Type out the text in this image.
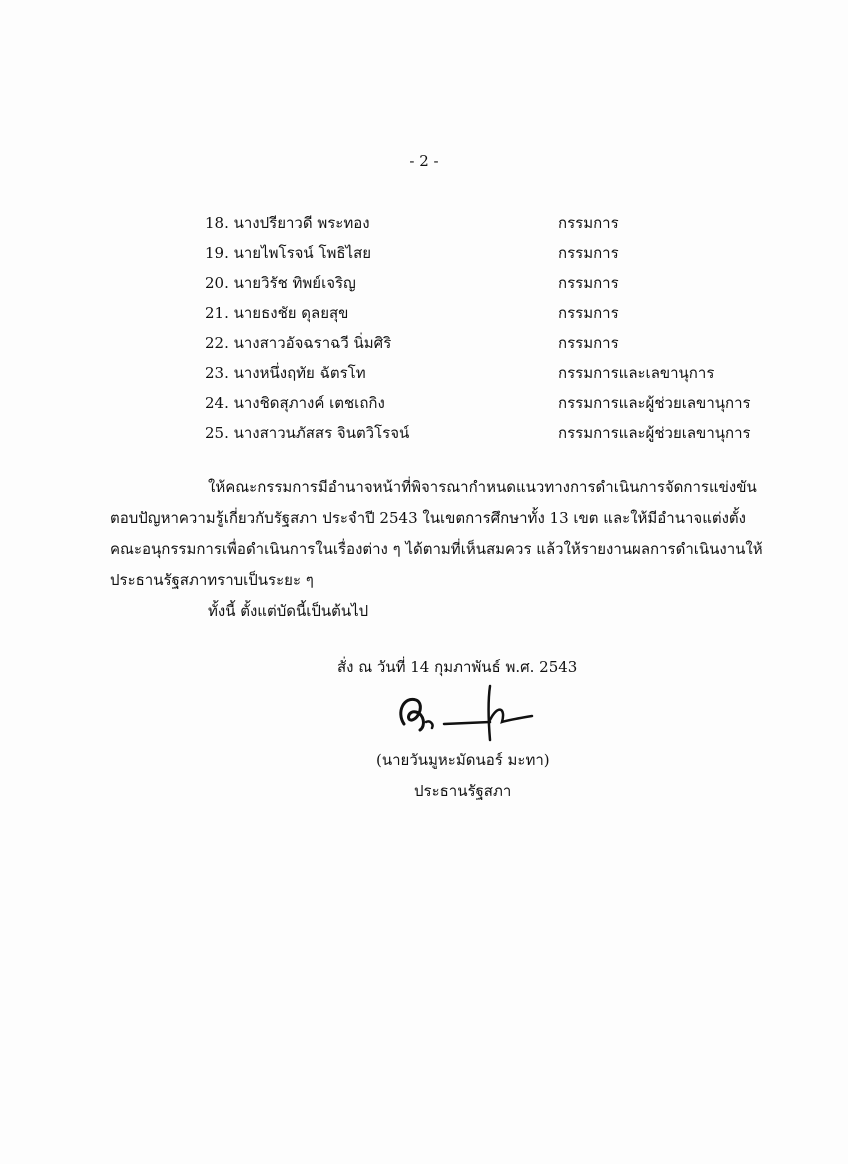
- 2 -
18. นางปรียาวดี พระทอง	กรรมการ
19. นายไพโรจน์ โพธิไสย	กรรมการ
20. นายวิรัช ทิพย์เจริญ	กรรมการ
21. นายธงชัย ดุลยสุข	กรรมการ
22. นางสาวอัจฉราฉวี นิ่มศิริ	กรรมการ
23. นางหนึ่งฤทัย ฉัตรโท	กรรมการและเลขานุการ
24. นางชิดสุภางค์ เตชเถกิง	กรรมการและผู้ช่วยเลขานุการ
25. นางสาวนภัสสร จินตวิโรจน์	กรรมการและผู้ช่วยเลขานุการ
ให้คณะกรรมการมีอำนาจหน้าที่พิจารณากำหนดแนวทางการดำเนินการจัดการแข่งขัน
ตอบปัญหาความรู้เกี่ยวกับรัฐสภา ประจำปี 2543 ในเขตการศึกษาทั้ง 13 เขต และให้มีอำนาจแต่งตั้ง
คณะอนุกรรมการเพื่อดำเนินการในเรื่องต่าง ๆ ได้ตามที่เห็นสมควร แล้วให้รายงานผลการดำเนินงานให้
ประธานรัฐสภาทราบเป็นระยะ ๆ
ทั้งนี้ ตั้งแต่บัดนี้เป็นต้นไป
สั่ง ณ วันที่ 14 กุมภาพันธ์ พ.ศ. 2543
(นายวันมูหะมัดนอร์ มะทา)
ประธานรัฐสภา
